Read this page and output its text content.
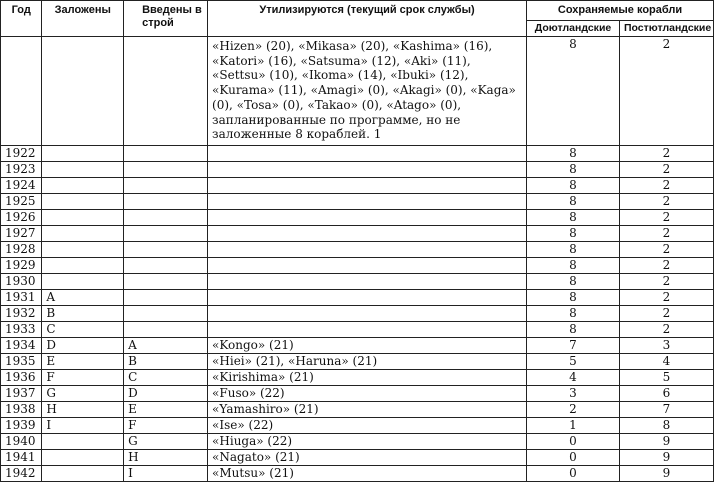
Год	Заложены	Введены в строй	Утилизируются (текущий срок службы)	Сохраняемые корабли	
				Доютландские	Постютландские
			«Hizen» (20), «Mikasa» (20), «Kashima» (16), «Katori» (16), «Satsuma» (12), «Aki» (11), «Settsu» (10), «Ikoma» (14), «Ibuki» (12), «Kurama» (11), «Amagi» (0), «Akagi» (0), «Kaga» (0), «Tosa» (0), «Takao» (0), «Atago» (0), запланированные по программе, но не заложенные 8 кораблей. 1	8	2
1922				8	2
1923				8	2
1924				8	2
1925				8	2
1926				8	2
1927				8	2
1928				8	2
1929				8	2
1930				8	2
1931	A			8	2
1932	B			8	2
1933	C			8	2
1934	D	A	«Kongo» (21)	7	3
1935	E	B	«Hiei» (21), «Haruna» (21)	5	4
1936	F	C	«Kirishima» (21)	4	5
1937	G	D	«Fuso» (22)	3	6
1938	H	E	«Yamashiro» (21)	2	7
1939	I	F	«Ise» (22)	1	8
1940		G	«Hiuga» (22)	0	9
1941		H	«Nagato» (21)	0	9
1942		I	«Mutsu» (21)	0	9
